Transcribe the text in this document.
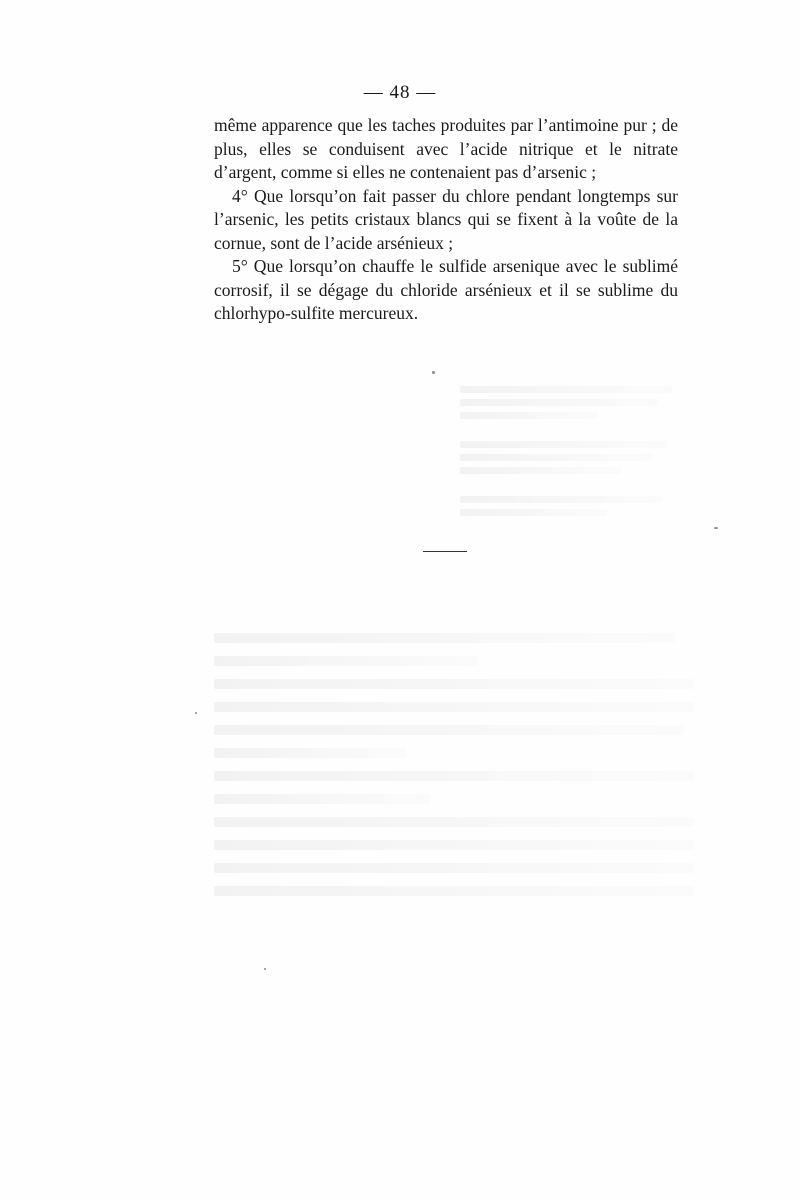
— 48 —

même apparence que les taches produites par l’antimoine pur ; de plus, elles se conduisent avec l’acide nitrique et le nitrate d’argent, comme si elles ne contenaient pas d’arsenic ;

4° Que lorsqu’on fait passer du chlore pendant longtemps sur l’arsenic, les petits cristaux blancs qui se fixent à la voûte de la cornue, sont de l’acide arsénieux ;

5° Que lorsqu’on chauffe le sulfide arsenique avec le sublimé corrosif, il se dégage du chloride arsénieux et il se sublime du chlorhypo-sulfite mercureux.
